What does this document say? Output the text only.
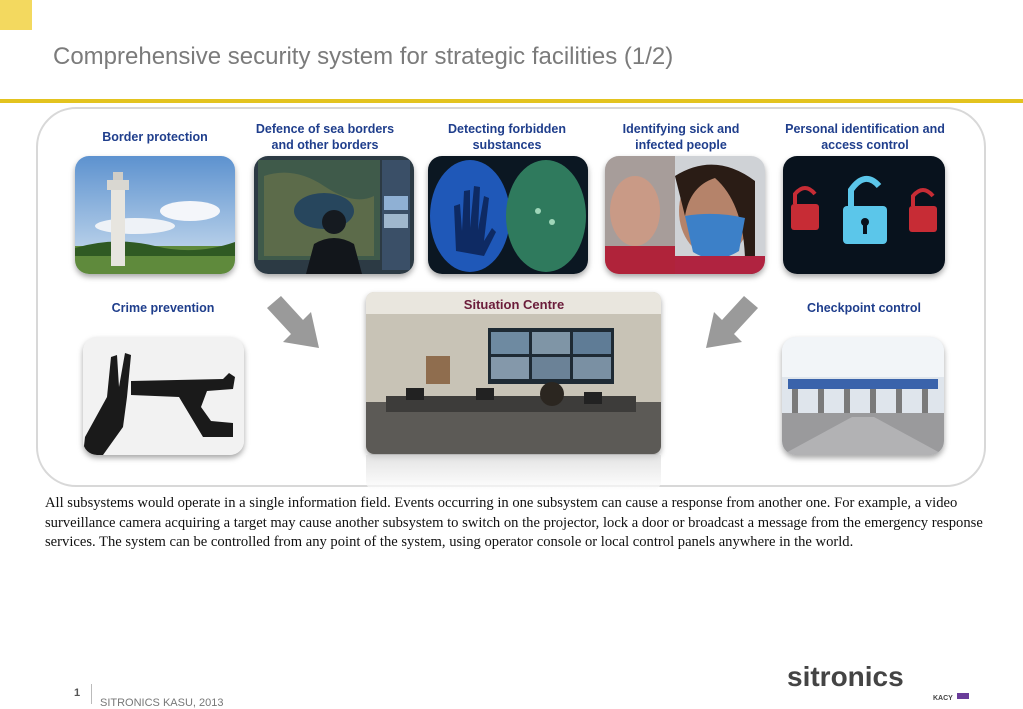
Comprehensive security system for strategic facilities (1/2)
Border protection
Defence of sea borders and other borders
Detecting forbidden substances
Identifying sick and infected people
Personal identification and access control
Crime prevention	Checkpoint control
Situation Centre
All subsystems would operate in a single information field. Events occurring in one subsystem can cause a response from another one. For example, a video surveillance camera acquiring a target may cause another subsystem to switch on the projector, lock a door or broadcast a message from the emergency response services. The system can be controlled from any point of the system, using operator console or local control panels anywhere in the world.
1
SITRONICS KASU, 2013
sitronics
KACY
